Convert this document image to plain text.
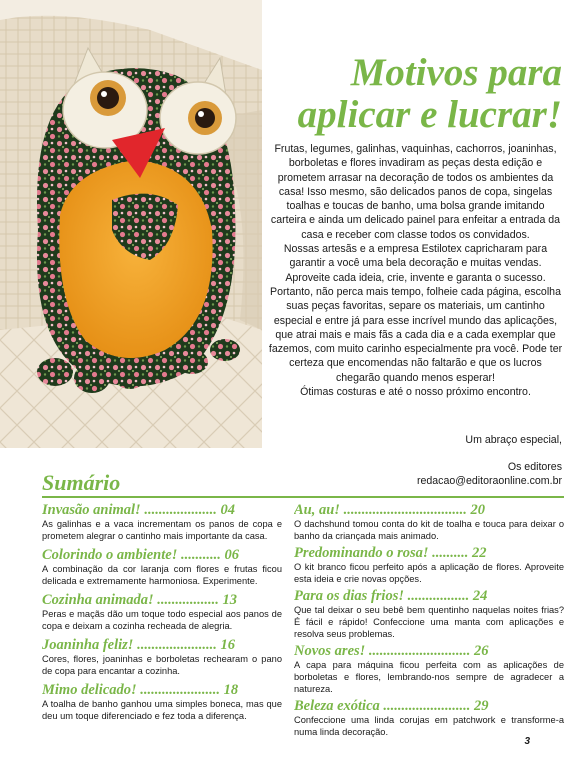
Motivos para
aplicar e lucrar!

Frutas, legumes, galinhas, vaquinhas, cachorros, joaninhas, borboletas e flores invadiram as peças desta edição e prometem arrasar na decoração de todos os ambientes da casa! Isso mesmo, são delicados panos de copa, singelas toalhas e toucas de banho, uma bolsa grande imitando carteira e ainda um delicado painel para enfeitar a entrada da casa e receber com classe todos os convidados.

Nossas artesãs e a empresa Estilotex capricharam para garantir a você uma bela decoração e muitas vendas. Aproveite cada ideia, crie, invente e garanta o sucesso. Portanto, não perca mais tempo, folheie cada página, escolha suas peças favoritas, separe os materiais, um cantinho especial e entre já para esse incrível mundo das aplicações, que atrai mais e mais fãs a cada dia e a cada exemplar que fazemos, com muito carinho especialmente pra você. Pode ter certeza que encomendas não faltarão e que os lucros chegarão quando menos esperar!

Ótimas costuras e até o nosso próximo encontro.

Um abraço especial,
Os editores
redacao@editoraonline.com.br
Sumário
Invasão animal! .................... 04
As galinhas e a vaca incrementam os panos de copa e prometem alegrar o cantinho mais importante da casa.
Colorindo o ambiente! ........... 06
A combinação da cor laranja com flores e frutas ficou delicada e extremamente harmoniosa. Experimente.
Cozinha animada! ................. 13
Peras e maçãs dão um toque todo especial aos panos de copa e deixam a cozinha recheada de alegria.
Joaninha feliz! ...................... 16
Cores, flores, joaninhas e borboletas rechearam o pano de copa para encantar a cozinha.
Mimo delicado! ...................... 18
A toalha de banho ganhou uma simples boneca, mas que deu um toque diferenciado e fez toda a diferença.
Au, au! .................................. 20
O dachshund tomou conta do kit de toalha e touca para deixar o banho da criançada mais animado.
Predominando o rosa! .......... 22
O kit branco ficou perfeito após a aplicação de flores. Aproveite esta ideia e crie novas opções.
Para os dias frios! ................. 24
Que tal deixar o seu bebê bem quentinho naquelas noites frias? É fácil e rápido! Confeccione uma manta com aplicações e resolva seus problemas.
Novos ares! ............................ 26
A capa para máquina ficou perfeita com as aplicações de borboletas e flores, lembrando-nos sempre de agradecer a natureza.
Beleza exótica ........................ 29
Confeccione uma linda corujas em patchwork e transforme-a numa linda decoração.
3
